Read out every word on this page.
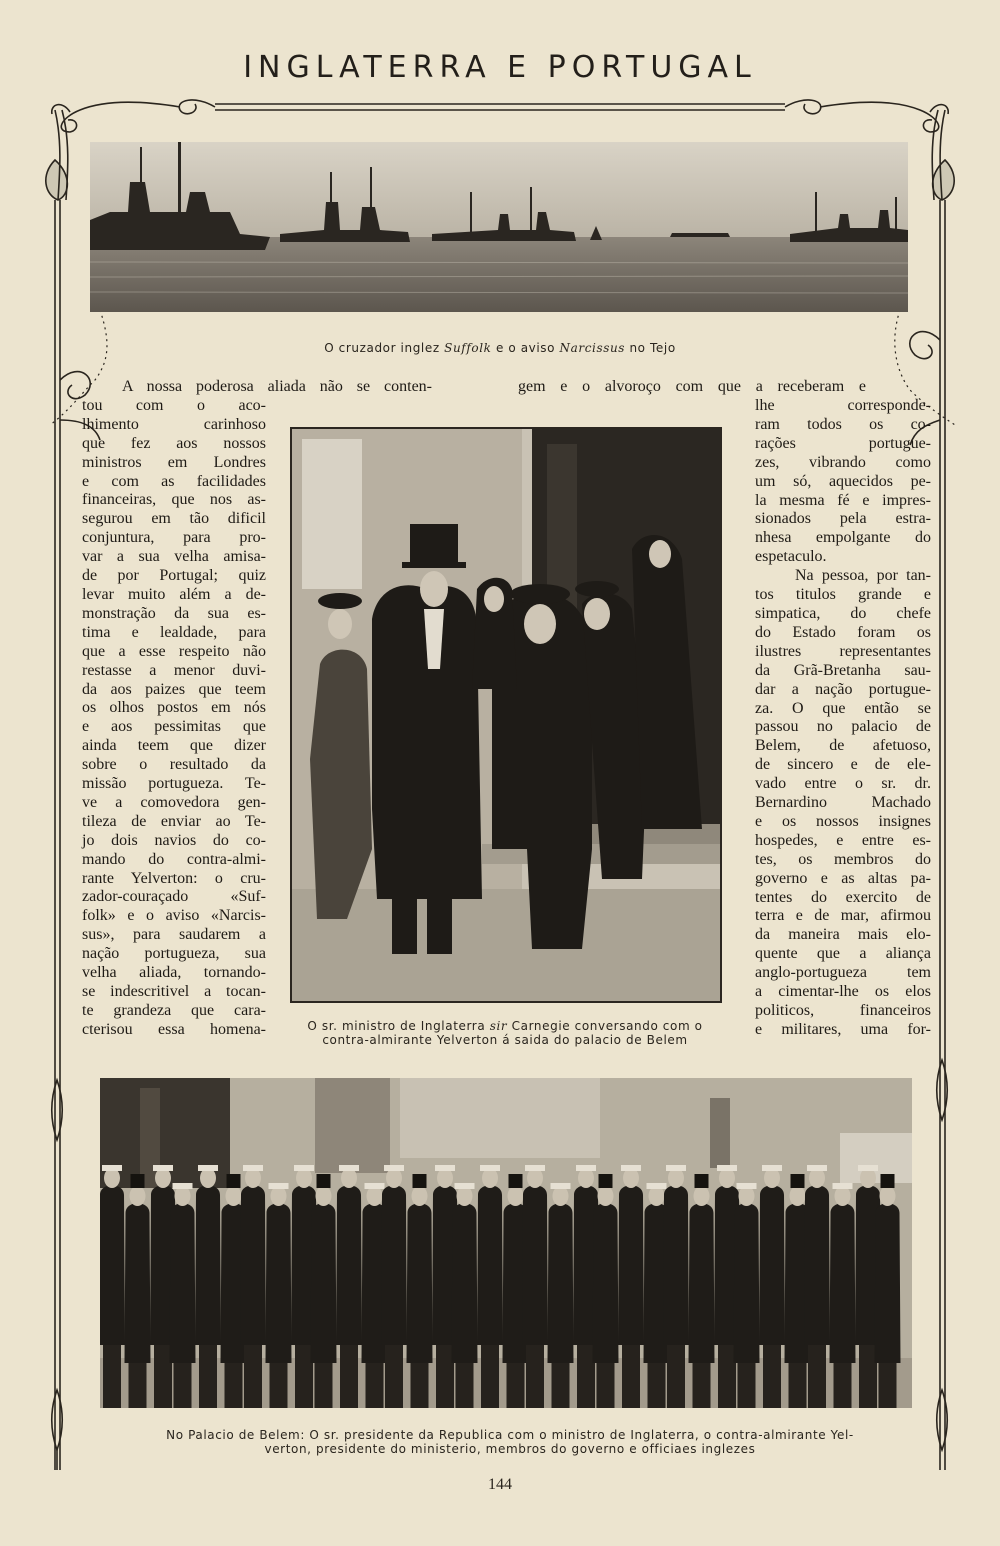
INGLATERRA E PORTUGAL
O cruzador inglez Suffolk e o aviso Narcissus no Tejo
O sr. ministro de Inglaterra sir Carnegie conversando com o
contra-almirante Yelverton á saida do palacio de Belem
No Palacio de Belem: O sr. presidente da Republica com o ministro de Inglaterra, o contra-almirante Yel-
verton, presidente do ministerio, membros do governo e officiaes inglezes
A nossa poderosa aliada não se conten-
tou com o aco-
lhimento carinhoso
que fez aos nossos
ministros em Londres
e com as facilidades
financeiras, que nos as-
segurou em tão dificil
conjuntura, para pro-
var a sua velha amisa-
de por Portugal; quiz
levar muito além a de-
monstração da sua es-
tima e lealdade, para
que a esse respeito não
restasse a menor duvi-
da aos paizes que teem
os olhos postos em nós
e aos pessimitas que
ainda teem que dizer
sobre o resultado da
missão portugueza. Te-
ve a comovedora gen-
tileza de enviar ao Te-
jo dois navios do co-
mando do contra-almi-
rante Yelverton: o cru-
zador-couraçado «Suf-
folk» e o aviso «Narcis-
sus», para saudarem a
nação portugueza, sua
velha aliada, tornando-
se indescritivel a tocan-
te grandeza que cara-
cterisou essa homena-
gem e o alvoroço com que a receberam e
lhe corresponde-
ram todos os co-
rações portugue-
zes, vibrando como
um só, aquecidos pe-
la mesma fé e impres-
sionados pela estra-
nhesa empolgante do
espetaculo.
Na pessoa, por tan-
tos titulos grande e
simpatica, do chefe
do Estado foram os
ilustres representantes
da Grã-Bretanha sau-
dar a nação portugue-
za. O que então se
passou no palacio de
Belem, de afetuoso,
de sincero e de ele-
vado entre o sr. dr.
Bernardino Machado
e os nossos insignes
hospedes, e entre es-
tes, os membros do
governo e as altas pa-
tentes do exercito de
terra e de mar, afirmou
da maneira mais elo-
quente que a aliança
anglo-portugueza tem
a cimentar-lhe os elos
politicos, financeiros
e militares, uma for-
144
